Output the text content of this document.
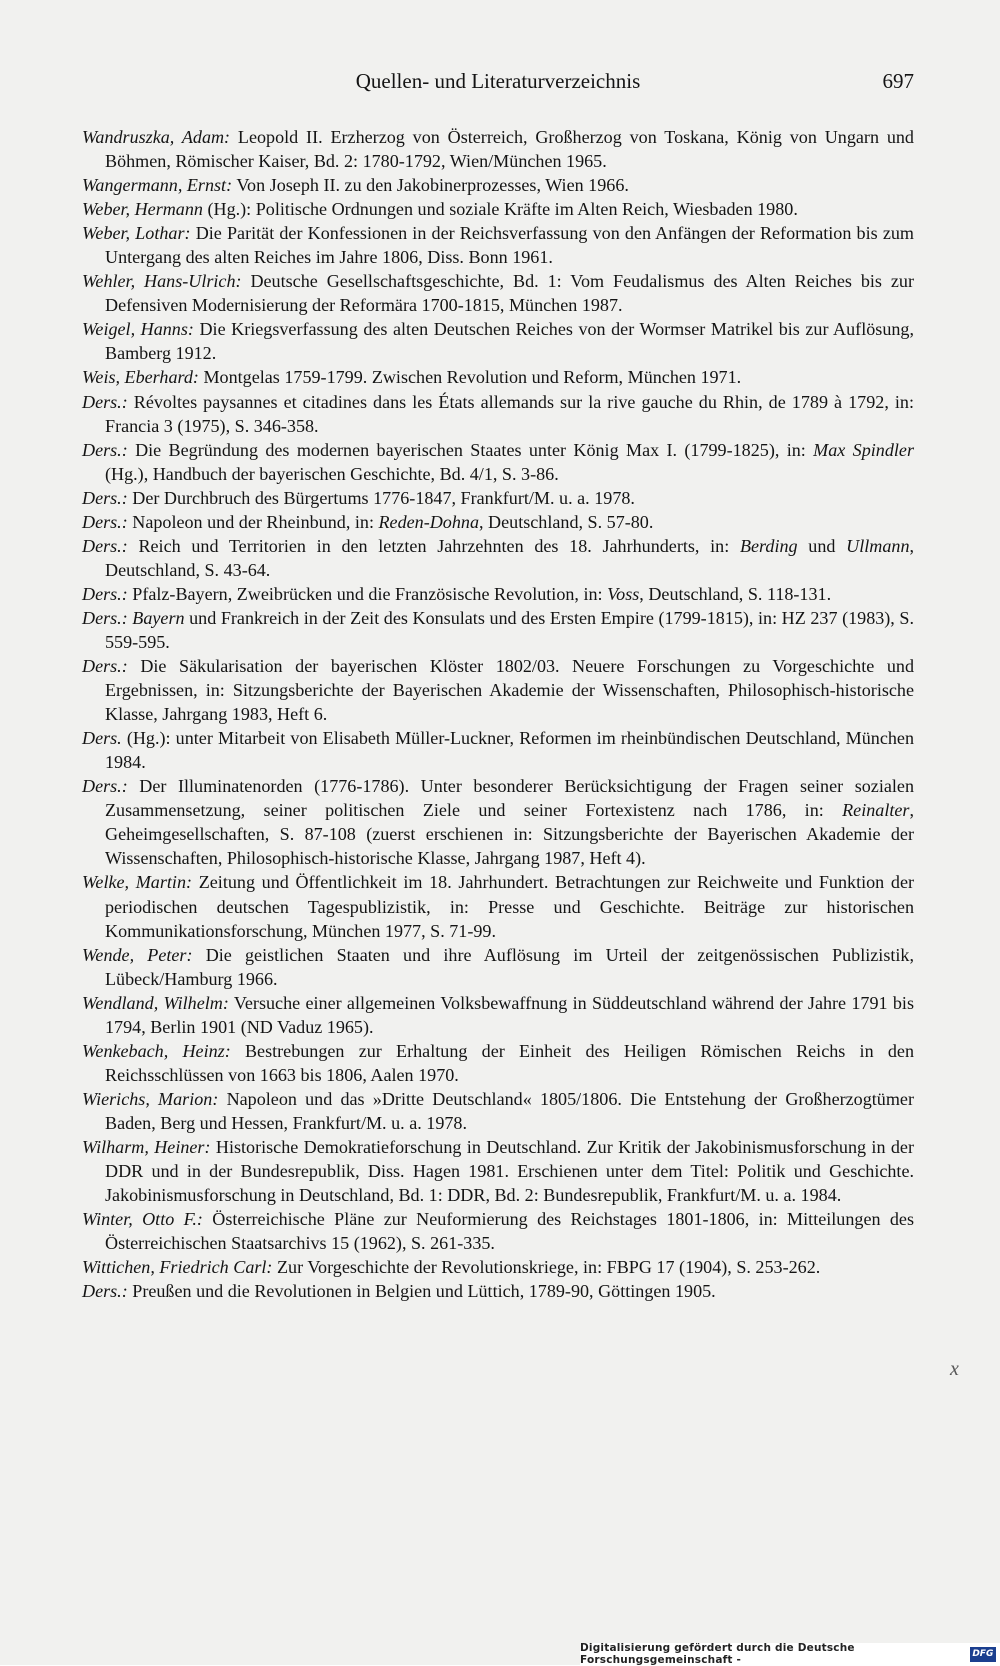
Quellen- und Literaturverzeichnis	697

Wandruszka, Adam: Leopold II. Erzherzog von Österreich, Großherzog von Toskana, König von Ungarn und Böhmen, Römischer Kaiser, Bd. 2: 1780-1792, Wien/München 1965.

Wangermann, Ernst: Von Joseph II. zu den Jakobinerprozesses, Wien 1966.

Weber, Hermann (Hg.): Politische Ordnungen und soziale Kräfte im Alten Reich, Wiesbaden 1980.

Weber, Lothar: Die Parität der Konfessionen in der Reichsverfassung von den Anfängen der Reformation bis zum Untergang des alten Reiches im Jahre 1806, Diss. Bonn 1961.

Wehler, Hans-Ulrich: Deutsche Gesellschaftsgeschichte, Bd. 1: Vom Feudalismus des Alten Reiches bis zur Defensiven Modernisierung der Reformära 1700-1815, München 1987.

Weigel, Hanns: Die Kriegsverfassung des alten Deutschen Reiches von der Wormser Matrikel bis zur Auflösung, Bamberg 1912.

Weis, Eberhard: Montgelas 1759-1799. Zwischen Revolution und Reform, München 1971.

Ders.: Révoltes paysannes et citadines dans les États allemands sur la rive gauche du Rhin, de 1789 à 1792, in: Francia 3 (1975), S. 346-358.

Ders.: Die Begründung des modernen bayerischen Staates unter König Max I. (1799-1825), in: Max Spindler (Hg.), Handbuch der bayerischen Geschichte, Bd. 4/1, S. 3-86.

Ders.: Der Durchbruch des Bürgertums 1776-1847, Frankfurt/M. u. a. 1978.

Ders.: Napoleon und der Rheinbund, in: Reden-Dohna, Deutschland, S. 57-80.

Ders.: Reich und Territorien in den letzten Jahrzehnten des 18. Jahrhunderts, in: Berding und Ullmann, Deutschland, S. 43-64.

Ders.: Pfalz-Bayern, Zweibrücken und die Französische Revolution, in: Voss, Deutschland, S. 118-131.

Ders.: Bayern und Frankreich in der Zeit des Konsulats und des Ersten Empire (1799-1815), in: HZ 237 (1983), S. 559-595.

Ders.: Die Säkularisation der bayerischen Klöster 1802/03. Neuere Forschungen zu Vorgeschichte und Ergebnissen, in: Sitzungsberichte der Bayerischen Akademie der Wissenschaften, Philosophisch-historische Klasse, Jahrgang 1983, Heft 6.

Ders. (Hg.): unter Mitarbeit von Elisabeth Müller-Luckner, Reformen im rheinbündischen Deutschland, München 1984.

Ders.: Der Illuminatenorden (1776-1786). Unter besonderer Berücksichtigung der Fragen seiner sozialen Zusammensetzung, seiner politischen Ziele und seiner Fortexistenz nach 1786, in: Reinalter, Geheimgesellschaften, S. 87-108 (zuerst erschienen in: Sitzungsberichte der Bayerischen Akademie der Wissenschaften, Philosophisch-historische Klasse, Jahrgang 1987, Heft 4).

Welke, Martin: Zeitung und Öffentlichkeit im 18. Jahrhundert. Betrachtungen zur Reichweite und Funktion der periodischen deutschen Tagespublizistik, in: Presse und Geschichte. Beiträge zur historischen Kommunikationsforschung, München 1977, S. 71-99.

Wende, Peter: Die geistlichen Staaten und ihre Auflösung im Urteil der zeitgenössischen Publizistik, Lübeck/Hamburg 1966.

Wendland, Wilhelm: Versuche einer allgemeinen Volksbewaffnung in Süddeutschland während der Jahre 1791 bis 1794, Berlin 1901 (ND Vaduz 1965).

Wenkebach, Heinz: Bestrebungen zur Erhaltung der Einheit des Heiligen Römischen Reichs in den Reichsschlüssen von 1663 bis 1806, Aalen 1970.

Wierichs, Marion: Napoleon und das »Dritte Deutschland« 1805/1806. Die Entstehung der Großherzogtümer Baden, Berg und Hessen, Frankfurt/M. u. a. 1978.

Wilharm, Heiner: Historische Demokratieforschung in Deutschland. Zur Kritik der Jakobinismusforschung in der DDR und in der Bundesrepublik, Diss. Hagen 1981. Erschienen unter dem Titel: Politik und Geschichte. Jakobinismusforschung in Deutschland, Bd. 1: DDR, Bd. 2: Bundesrepublik, Frankfurt/M. u. a. 1984.

Winter, Otto F.: Österreichische Pläne zur Neuformierung des Reichstages 1801-1806, in: Mitteilungen des Österreichischen Staatsarchivs 15 (1962), S. 261-335.

Wittichen, Friedrich Carl: Zur Vorgeschichte der Revolutionskriege, in: FBPG 17 (1904), S. 253-262.

Ders.: Preußen und die Revolutionen in Belgien und Lüttich, 1789-90, Göttingen 1905.

x
Digitalisierung gefördert durch die Deutsche Forschungsgemeinschaft -	DFG
